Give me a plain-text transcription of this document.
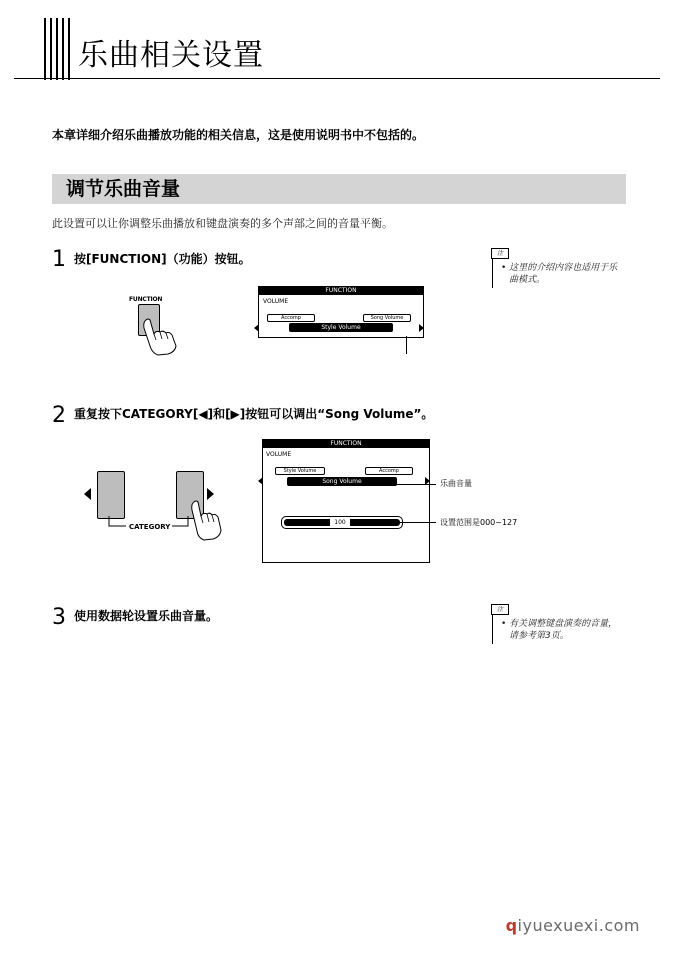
乐曲相关设置
本章详细介绍乐曲播放功能的相关信息，这是使用说明书中不包括的。
调节乐曲音量
此设置可以让你调整乐曲播放和键盘演奏的多个声部之间的音量平衡。
1 按[FUNCTION]（功能）按钮。	注
• 这里的介绍内容也适用于乐
曲模式。
FUNCTION
FUNCTION
VOLUME
Accomp	Song Volume
Style Volume
2 重复按下CATEGORY[◀]和[▶]按钮可以调出“Song Volume”。
CATEGORY
FUNCTION
VOLUME
Style Volume	Accomp
Song Volume
100
乐曲音量
设置范围是000~127
3 使用数据轮设置乐曲音量。	注
• 有关调整键盘演奏的音量，
请参考第3页。
qiyuexuexi.com
